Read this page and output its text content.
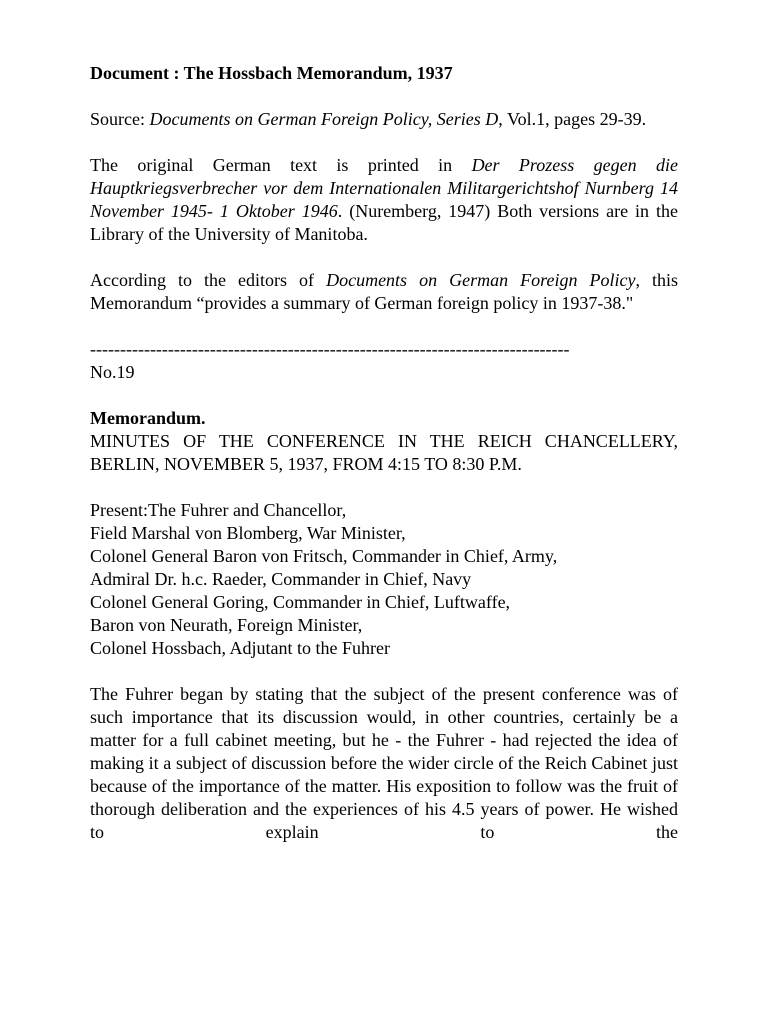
Document : The Hossbach Memorandum, 1937

Source: Documents on German Foreign Policy, Series D, Vol.1, pages 29-39.

The original German text is printed in Der Prozess gegen die Hauptkriegsverbrecher vor dem Internationalen Militargerichtshof Nurnberg 14 November 1945- 1 Oktober 1946. (Nuremberg, 1947) Both versions are in the Library of the University of Manitoba.

According to the editors of Documents on German Foreign Policy, this Memorandum “provides a summary of German foreign policy in 1937-38."

--------------------------------------------------------------------------------

No.19

Memorandum.

MINUTES OF THE CONFERENCE IN THE REICH CHANCELLERY, BERLIN, NOVEMBER 5, 1937, FROM 4:15 TO 8:30 P.M.

Present:The Fuhrer and Chancellor,
Field Marshal von Blomberg, War Minister,
Colonel General Baron von Fritsch, Commander in Chief, Army,
Admiral Dr. h.c. Raeder, Commander in Chief, Navy
Colonel General Goring, Commander in Chief, Luftwaffe,
Baron von Neurath, Foreign Minister,
Colonel Hossbach, Adjutant to the Fuhrer

The Fuhrer began by stating that the subject of the present conference was of such importance that its discussion would, in other countries, certainly be a matter for a full cabinet meeting, but he - the Fuhrer - had rejected the idea of making it a subject of discussion before the wider circle of the Reich Cabinet just because of the importance of the matter. His exposition to follow was the fruit of thorough deliberation and the experiences of his 4.5 years of power. He wished to explain to the
